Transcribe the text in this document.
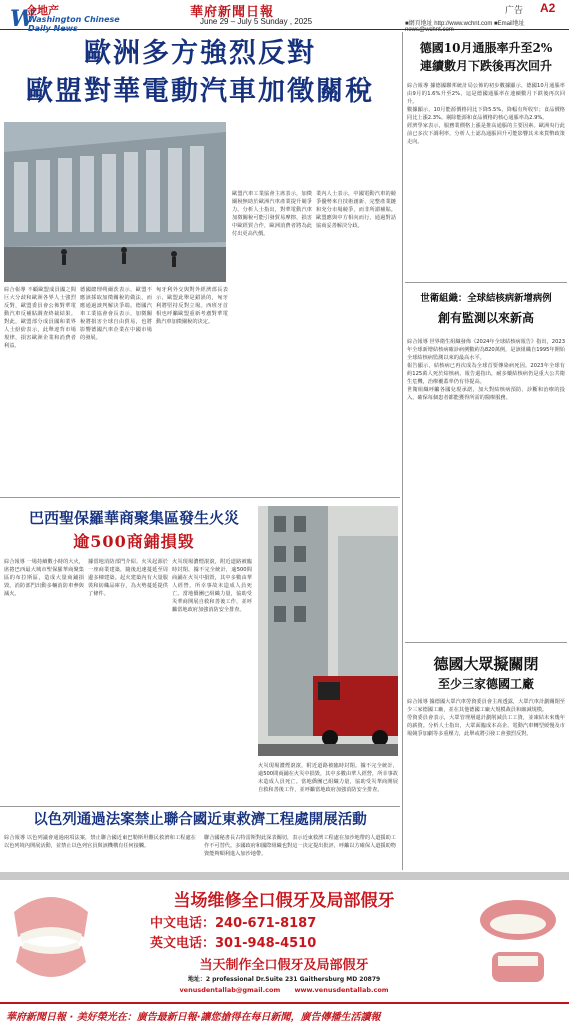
W
金地产
Washington Chinese Daily News
華府新聞日報
June 29 – July 5 Sunday , 2025
广告 A2
■網頁地址 http://www.wchnt.com ■Email地址 news@wchnt.com
歐洲多方強烈反對
歐盟對華電動汽車加徵關稅
綜合報導 不顧歐盟成員國之間巨大分歧和歐洲各界人士強烈反對，歐盟委員會公佈對華電動汽車反補貼調查終裁結果。對此，歐盟部分成員國和業界人士紛紛表示，此舉違背市場規律，損害歐洲企業和消費者利益。
德國總理朔爾茨表示，歐盟不應該採取加徵關稅的做法，而應通過談判解決爭端。德國汽車工業協會會長表示，加徵關稅將損害全球自由貿易，也將影響德國汽車企業在中國市場的發展。
匈牙利外交與對外經濟部長表示，歐盟此舉是錯誤的，匈牙利將堅持反對立場。西班牙首相也呼籲歐盟重新考慮對華電動汽車加徵關稅的決定。
歐盟汽車工業協會主席表示，加徵關稅無助於歐洲汽車產業提升競爭力。分析人士指出，對華電動汽車加徵關稅可能引發貿易摩擦，損害中歐經貿合作，歐洲消費者將為此付出更高代價。
業內人士表示，中國電動汽車的競爭優勢來自技術創新、完整產業鏈和充分市場競爭，而非所謂補貼。歐盟應與中方相向而行，通過對話協商妥善解決分歧。
巴西聖保羅華商聚集區發生火災
逾500商鋪損毀
綜合報導 一場持續數小時的大火，席捲巴西最大城市聖保羅華商聚集區的布拉斯區，造成大量商鋪損毀。消防部門出動多輛消防車參與滅火。
據當地消防部門介紹，火災起源於一座商業建築，隨後迅速蔓延至周邊多棟建築。起火建築內有大量服裝和紡織品庫存，為火勢蔓延提供了條件。
火災現場濃煙滾滾，附近道路被臨時封閉。據不完全統計，逾500間商鋪在火災中損毀，其中多數由華人經營，所幸事故未造成人員死亡。當地僑團已組織力量，協助受災華商開展自救和善後工作，並呼籲當地政府加強消防安全排查。
火災現場濃煙滾滾，附近道路被臨時封閉。據不完全統計，逾500間商鋪在火災中損毀，其中多數由華人經營，所幸事故未造成人員死亡。當地僑團已組織力量，協助受災華商開展自救和善後工作，並呼籲當地政府加強消防安全排查。
以色列通過法案禁止聯合國近東救濟工程處開展活動
綜合報導 以色列議會通過兩項法案，禁止聯合國近東巴勒斯坦難民救濟和工程處在以色列境內開展活動，並禁止以色列官員與該機構有任何接觸。
聯合國秘書長古特雷斯對此深表關切，表示近東救濟工程處在加沙地帶的人道援助工作不可替代。多國政府和國際組織也對這一決定提出批評，呼籲以方確保人道援助物資能夠順利進入加沙地帶。
德國10月通脹率升至2%
連續數月下跌後再次回升

綜合報導 據德國聯邦統計局公佈的初步數據顯示，德國10月通脹率由9月的1.6%升至2%，這是德國通脹率在連續數月下跌後再次回升。

數據顯示，10月能源價格同比下降5.5%，降幅有所收窄；食品價格同比上漲2.3%。剔除能源和食品價格的核心通脹率為2.9%。

經濟學家表示，服務業價格上漲是推高通脹的主要因素。歐洲央行此前已多次下調利率，分析人士認為通脹回升可能影響其未來貨幣政策走向。

世衛組織：全球結核病新增病例
創有監測以來新高

綜合報導 世界衛生組織發佈《2024年全球結核病報告》指出，2023年全球新增結核病確診病例數約為820萬例，是該組織自1995年開始全球結核病監測以來的最高水平。

報告顯示，結核病已再次成為全球首要傳染病死因。2023年全球有約125萬人死於結核病。報告還指出，耐多藥結核病仍是重大公共衛生危機，治療覆蓋率仍有待提高。

世衛組織呼籲各國兌現承諾，加大對結核病預防、診斷和治療的投入，確保每個患者都能獲得所需的醫療服務。

德國大眾擬關閉
至少三家德國工廠

綜合報導 據德國大眾汽車勞資委員會主席透露，大眾汽車計劃關閉至少三家德國工廠，並在其他德國工廠大規模裁員和縮減規模。

勞資委員會表示，大眾管理層還計劃削減員工工資，並凍結未來幾年的薪資。分析人士指出，大眾面臨成本高企、電動汽車轉型緩慢及市場競爭加劇等多重壓力，此舉或將引發工會強烈反對。

当场维修全口假牙及局部假牙
中文电话：240-671-8187
英文电话：301-948-4510
当天制作全口假牙及局部假牙
地址：2 professional Dr.Suite 231 Gaithersburg MD 20879
venusdentallab@gmail.com www.venusdentallab.com
華府新聞日報 · 美好榮光在：廣告最新日報·讓您搶得在每日新聞，廣告傳播生活讀報
